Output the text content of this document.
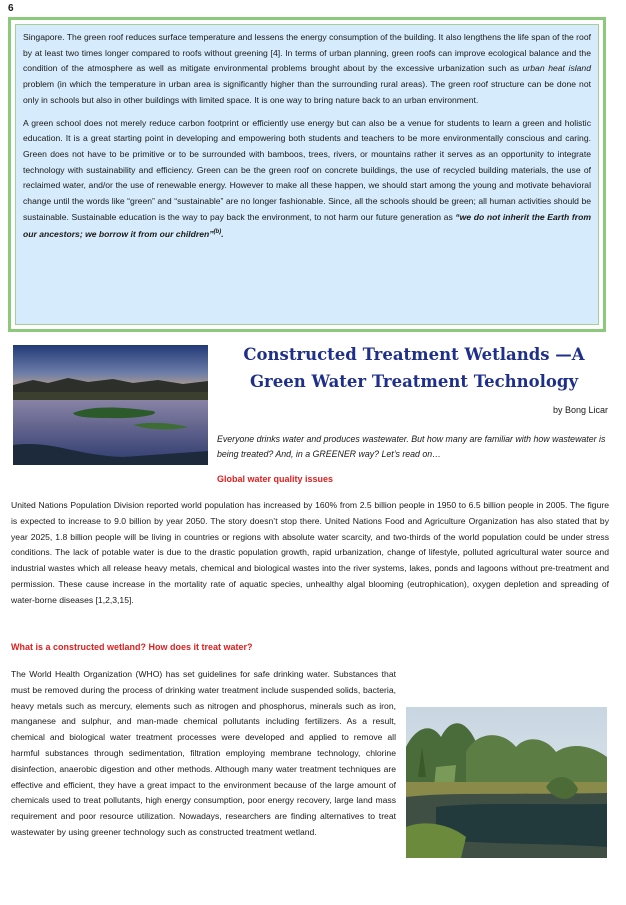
6

Singapore. The green roof reduces surface temperature and lessens the energy consumption of the building. It also lengthens the life span of the roof by at least two times longer compared to roofs without greening [4]. In terms of urban planning, green roofs can improve ecological balance and the condition of the atmosphere as well as mitigate environmental problems brought about by the excessive urbanization such as urban heat island problem (in which the temperature in urban area is significantly higher than the surrounding rural areas). The green roof structure can be done not only in schools but also in other buildings with limited space. It is one way to bring nature back to an urban environment.

A green school does not merely reduce carbon footprint or efficiently use energy but can also be a venue for students to learn a green and holistic education. It is a great starting point in developing and empowering both students and teachers to be more environmentally conscious and caring. Green does not have to be primitive or to be surrounded with bamboos, trees, rivers, or mountains rather it serves as an opportunity to integrate technology with sustainability and efficiency. Green can be the green roof on concrete buildings, the use of recycled building materials, the use of reclaimed water, and/or the use of renewable energy. However to make all these happen, we should start among the young and motivate behavioral change until the words like “green” and “sustainable” are no longer fashionable. Since, all the schools should be green; all human activities should be sustainable. Sustainable education is the way to pay back the environment, to not harm our future generation as “we do not inherit the Earth from our ancestors; we borrow it from our children”$^{(b)}$.

Constructed Treatment Wetlands —A Green Water Treatment Technology
by Bong Licar
Everyone drinks water and produces wastewater. But how many are familiar with how wastewater is being treated? And, in a GREENER way? Let’s read on…
Global water quality issues

United Nations Population Division reported world population has increased by 160% from 2.5 billion people in 1950 to 6.5 billion people in 2005. The figure is expected to increase to 9.0 billion by year 2050. The story doesn’t stop there. United Nations Food and Agriculture Organization has also stated that by year 2025, 1.8 billion people will be living in countries or regions with absolute water scarcity, and two-thirds of the world population could be under stress conditions. The lack of potable water is due to the drastic population growth, rapid urbanization, change of lifestyle, polluted agricultural water source and industrial wastes which all release heavy metals, chemical and biological wastes into the river systems, lakes, ponds and lagoons without pre-treatment and permission. These cause increase in the mortality rate of aquatic species, unhealthy algal blooming (eutrophication), oxygen depletion and spreading of water-borne diseases [1,2,3,15].

What is a constructed wetland? How does it treat water?

The World Health Organization (WHO) has set guidelines for safe drinking water. Substances that must be removed during the process of drinking water treatment include suspended solids, bacteria, heavy metals such as mercury, elements such as nitrogen and phosphorus, minerals such as iron, manganese and sulphur, and man-made chemical pollutants including fertilizers. As a result, chemical and biological water treatment processes were developed and applied to remove all harmful substances through sedimentation, filtration employing membrane technology, chlorine disinfection, anaerobic digestion and other methods. Although many water treatment techniques are effective and efficient, they have a great impact to the environment because of the large amount of chemicals used to treat pollutants, high energy consumption, poor energy recovery, large land mass requirement and poor resource utilization. Nowadays, researchers are finding alternatives to treat wastewater by using greener technology such as constructed treatment wetland.
